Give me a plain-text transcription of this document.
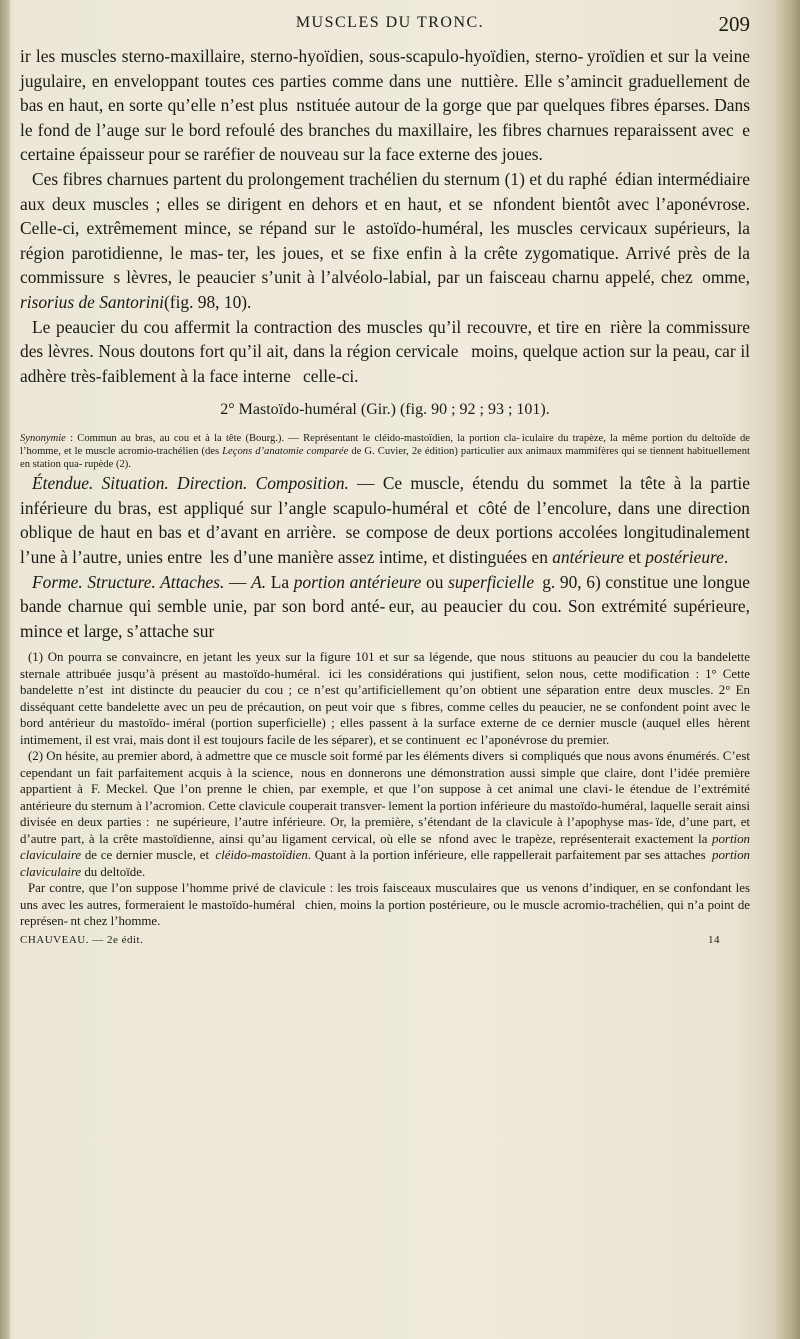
MUSCLES DU TRONC.	209

ir les muscles sterno-maxillaire, sterno-hyoïdien, sous-scapulo-hyoïdien, sterno- yroïdien et sur la veine jugulaire, en enveloppant toutes ces parties comme dans une  nuttière. Elle s’amincit graduellement de bas en haut, en sorte qu’elle n’est plus  nstituée autour de la gorge que par quelques fibres éparses. Dans le fond de l’auge sur le bord refoulé des branches du maxillaire, les fibres charnues reparaissent avec  e certaine épaisseur pour se raréfier de nouveau sur la face externe des joues.

Ces fibres charnues partent du prolongement trachélien du sternum (1) et du raphé  édian intermédiaire aux deux muscles ; elles se dirigent en dehors et en haut, et se  nfondent bientôt avec l’aponévrose. Celle-ci, extrêmement mince, se répand sur le  astoïdo-huméral, les muscles cervicaux supérieurs, la région parotidienne, le mas- ter, les joues, et se fixe enfin à la crête zygomatique. Arrivé près de la commissure  s lèvres, le peaucier s’unit à l’alvéolo-labial, par un faisceau charnu appelé, chez  omme, risorius de Santorini(fig. 98, 10).

Le peaucier du cou affermit la contraction des muscles qu’il recouvre, et tire en  rière la commissure des lèvres. Nous doutons fort qu’il ait, dans la région cervicale   moins, quelque action sur la peau, car il adhère très-faiblement à la face interne   celle-ci.

2° Mastoïdo-huméral (Gir.) (fig. 90 ; 92 ; 93 ; 101).

Synonymie : Commun au bras, au cou et à la tête (Bourg.). — Représentant le cléido-mastoïdien, la portion cla- iculaire du trapèze, la même portion du deltoïde de l’homme, et le muscle acromio-trachélien (des Leçons d’anatomie comparée de G. Cuvier, 2e édition) particulier aux animaux mammifères qui se tiennent habituellement en station qua- rupède (2).

Étendue. Situation. Direction. Composition. — Ce muscle, étendu du sommet  la tête à la partie inférieure du bras, est appliqué sur l’angle scapulo-huméral et  côté de l’encolure, dans une direction oblique de haut en bas et d’avant en arrière.  se compose de deux portions accolées longitudinalement l’une à l’autre, unies entre  les d’une manière assez intime, et distinguées en antérieure et postérieure.

Forme. Structure. Attaches. — A. La portion antérieure ou superficielle  g. 90, 6) constitue une longue bande charnue qui semble unie, par son bord anté- eur, au peaucier du cou. Son extrémité supérieure, mince et large, s’attache sur

(1) On pourra se convaincre, en jetant les yeux sur la figure 101 et sur sa légende, que nous  stituons au peaucier du cou la bandelette sternale attribuée jusqu’à présent au mastoïdo-huméral.  ici les considérations qui justifient, selon nous, cette modification : 1° Cette bandelette n’est  int distincte du peaucier du cou ; ce n’est qu’artificiellement qu’on obtient une séparation entre  deux muscles. 2° En disséquant cette bandelette avec un peu de précaution, on peut voir que  s fibres, comme celles du peaucier, ne se confondent point avec le bord antérieur du mastoïdo- iméral (portion superficielle) ; elles passent à la surface externe de ce dernier muscle (auquel elles  hèrent intimement, il est vrai, mais dont il est toujours facile de les séparer), et se continuent  ec l’aponévrose du premier.

(2) On hésite, au premier abord, à admettre que ce muscle soit formé par les éléments divers  si compliqués que nous avons énumérés. C’est cependant un fait parfaitement acquis à la science,  nous en donnerons une démonstration aussi simple que claire, dont l’idée première appartient à  F. Meckel. Que l’on prenne le chien, par exemple, et que l’on suppose à cet animal une clavi- le étendue de l’extrémité antérieure du sternum à l’acromion. Cette clavicule couperait transver- lement la portion inférieure du mastoïdo-huméral, laquelle serait ainsi divisée en deux parties :  ne supérieure, l’autre inférieure. Or, la première, s’étendant de la clavicule à l’apophyse mas- ïde, d’une part, et d’autre part, à la crête mastoïdienne, ainsi qu’au ligament cervical, où elle se  nfond avec le trapèze, représenterait exactement la portion claviculaire de ce dernier muscle, et  cléido-mastoïdien. Quant à la portion inférieure, elle rappellerait parfaitement par ses attaches  portion claviculaire du deltoïde.

Par contre, que l’on suppose l’homme privé de clavicule : les trois faisceaux musculaires que  us venons d’indiquer, en se confondant les uns avec les autres, formeraient le mastoïdo-huméral   chien, moins la portion postérieure, ou le muscle acromio-trachélien, qui n’a point de représen- nt chez l’homme.

CHAUVEAU. — 2e édit.	14
